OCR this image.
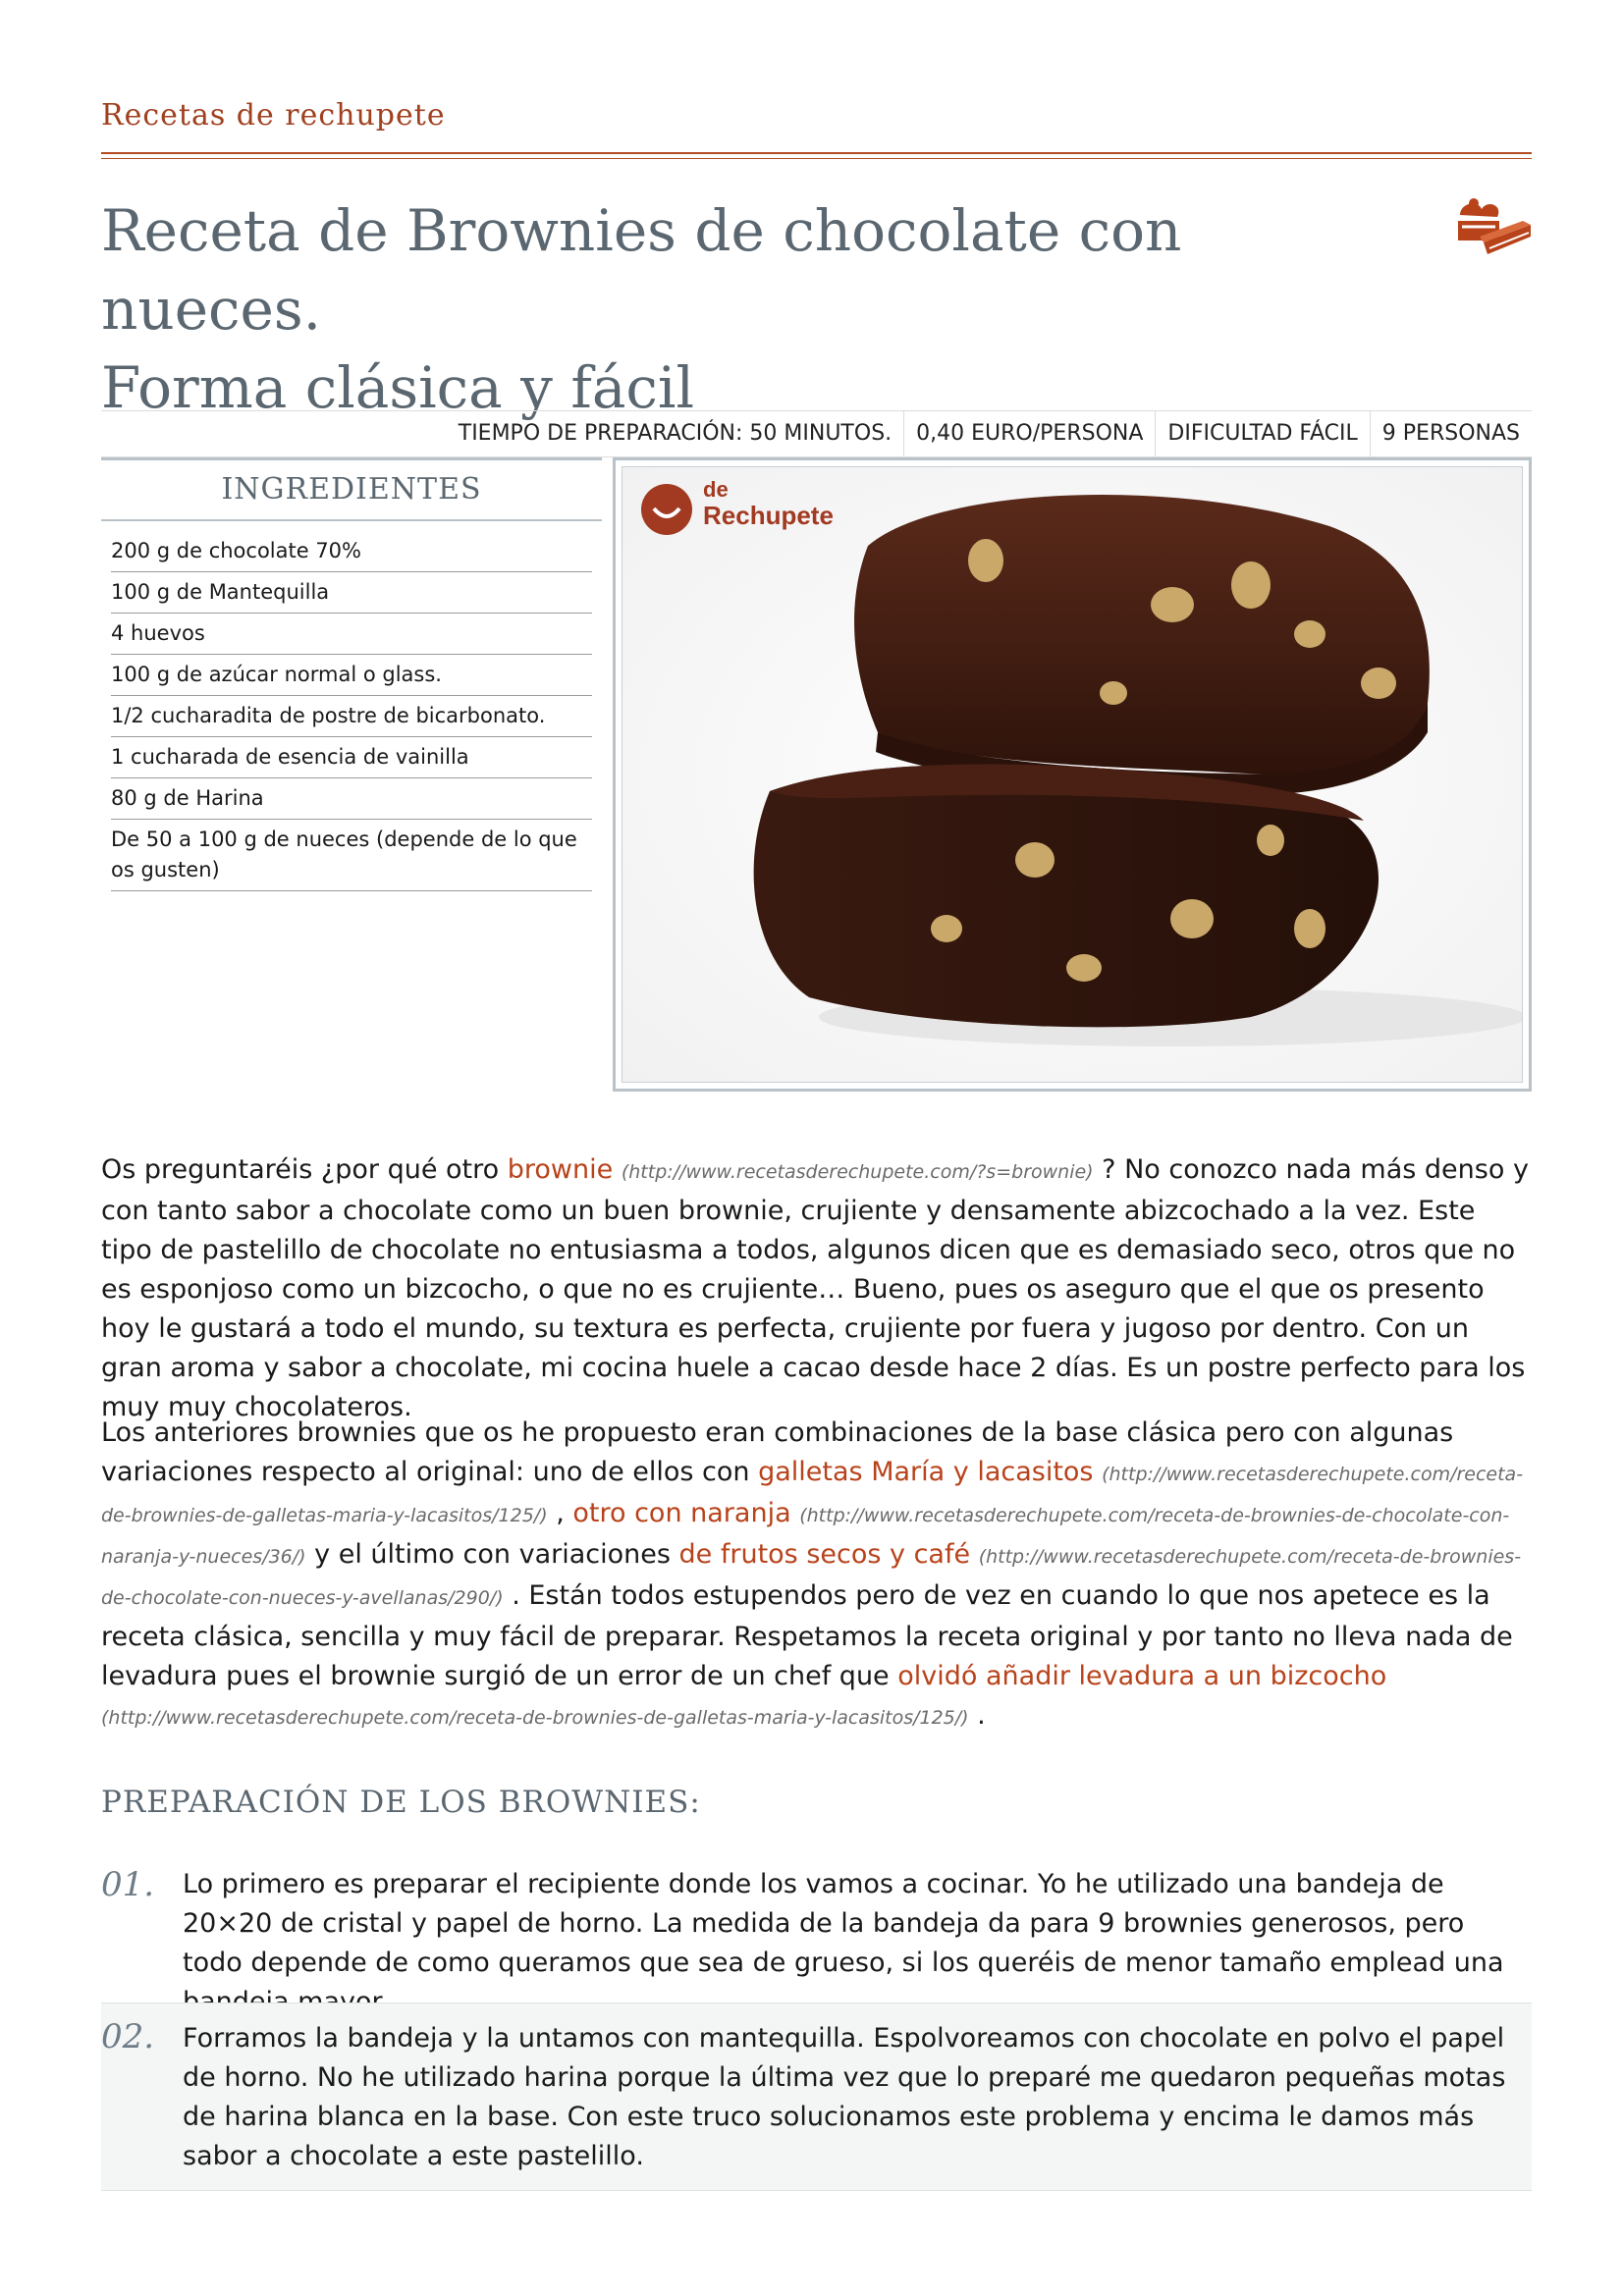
Recetas de rechupete
Receta de Brownies de chocolate con nueces.
Forma clásica y fácil
TIEMPO DE PREPARACIÓN: 50 MINUTOS.	0,40 EURO/PERSONA	DIFICULTAD FÁCIL	9 PERSONAS
INGREDIENTES
200 g de chocolate 70%
100 g de Mantequilla
4 huevos
100 g de azúcar normal o glass.
1/2 cucharadita de postre de bicarbonato.
1 cucharada de esencia de vainilla
80 g de Harina
De 50 a 100 g de nueces (depende de lo que os gusten)
de
Rechupete

Os preguntaréis ¿por qué otro brownie (http://www.recetasderechupete.com/?s=brownie) ? No conozco nada más denso y con tanto sabor a chocolate como un buen brownie, crujiente y densamente abizcochado a la vez. Este tipo de pastelillo de chocolate no entusiasma a todos, algunos dicen que es demasiado seco, otros que no es esponjoso como un bizcocho, o que no es crujiente… Bueno, pues os aseguro que el que os presento hoy le gustará a todo el mundo, su textura es perfecta, crujiente por fuera y jugoso por dentro. Con un gran aroma y sabor a chocolate, mi cocina huele a cacao desde hace 2 días. Es un postre perfecto para los muy muy chocolateros.

Los anteriores brownies que os he propuesto eran combinaciones de la base clásica pero con algunas variaciones respecto al original: uno de ellos con galletas María y lacasitos (http://www.recetasderechupete.com/receta-de-brownies-de-galletas-maria-y-lacasitos/125/) , otro con naranja (http://www.recetasderechupete.com/receta-de-brownies-de-chocolate-con-naranja-y-nueces/36/) y el último con variaciones de frutos secos y café (http://www.recetasderechupete.com/receta-de-brownies-de-chocolate-con-nueces-y-avellanas/290/) . Están todos estupendos pero de vez en cuando lo que nos apetece es la receta clásica, sencilla y muy fácil de preparar. Respetamos la receta original y por tanto no lleva nada de levadura pues el brownie surgió de un error de un chef que olvidó añadir levadura a un bizcocho (http://www.recetasderechupete.com/receta-de-brownies-de-galletas-maria-y-lacasitos/125/) .

PREPARACIÓN DE LOS BROWNIES:
01. Lo primero es preparar el recipiente donde los vamos a cocinar. Yo he utilizado una bandeja de 20×20 de cristal y papel de horno. La medida de la bandeja da para 9 brownies generosos, pero todo depende de como queramos que sea de grueso, si los queréis de menor tamaño emplead una

02. Forramos la bandeja y la untamos con mantequilla. Espolvoreamos con chocolate en polvo el papel de horno. No he utilizado harina porque la última vez que lo preparé me quedaron pequeñas motas de harina blanca en la base. Con este truco solucionamos este problema y encima le damos más sabor a chocolate a este pastelillo.
